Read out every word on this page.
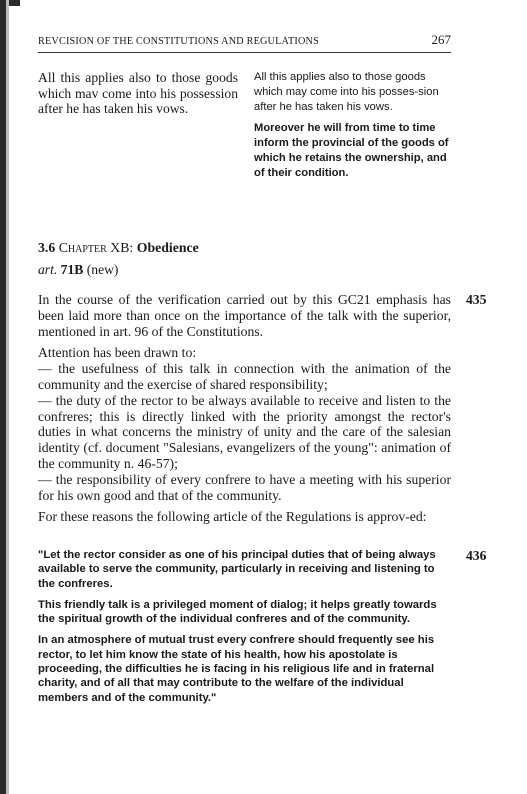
REVCISION OF THE CONSTITUTIONS AND REGULATIONS	267
All this applies also to those goods which mav come into his possession after he has taken his vows.

All this applies also to those goods which may come into his posses-sion after he has taken his vows.

Moreover he will from time to time inform the provincial of the goods of which he retains the ownership, and of their condition.

3.6 Chapter XB: Obedience
art. 71B (new)
435

In the course of the verification carried out by this GC21 emphasis has been laid more than once on the importance of the talk with the superior, mentioned in art. 96 of the Constitutions.

Attention has been drawn to:

— the usefulness of this talk in connection with the animation of the community and the exercise of shared responsibility;

— the duty of the rector to be always available to receive and listen to the confreres; this is directly linked with the priority amongst the rector's duties in what concerns the ministry of unity and the care of the salesian identity (cf. document "Salesians, evangelizers of the young": animation of the community n. 46-57);

— the responsibility of every confrere to have a meeting with his superior for his own good and that of the community.

For these reasons the following article of the Regulations is approv-ed:

436

"Let the rector consider as one of his principal duties that of being always available to serve the community, particularly in receiving and listening to the confreres.

This friendly talk is a privileged moment of dialog; it helps greatly towards the spiritual growth of the individual confreres and of the community.

In an atmosphere of mutual trust every confrere should frequently see his rector, to let him know the state of his health, how his apostolate is proceeding, the difficulties he is facing in his religious life and in fraternal charity, and of all that may contribute to the welfare of the individual members and of the community."
